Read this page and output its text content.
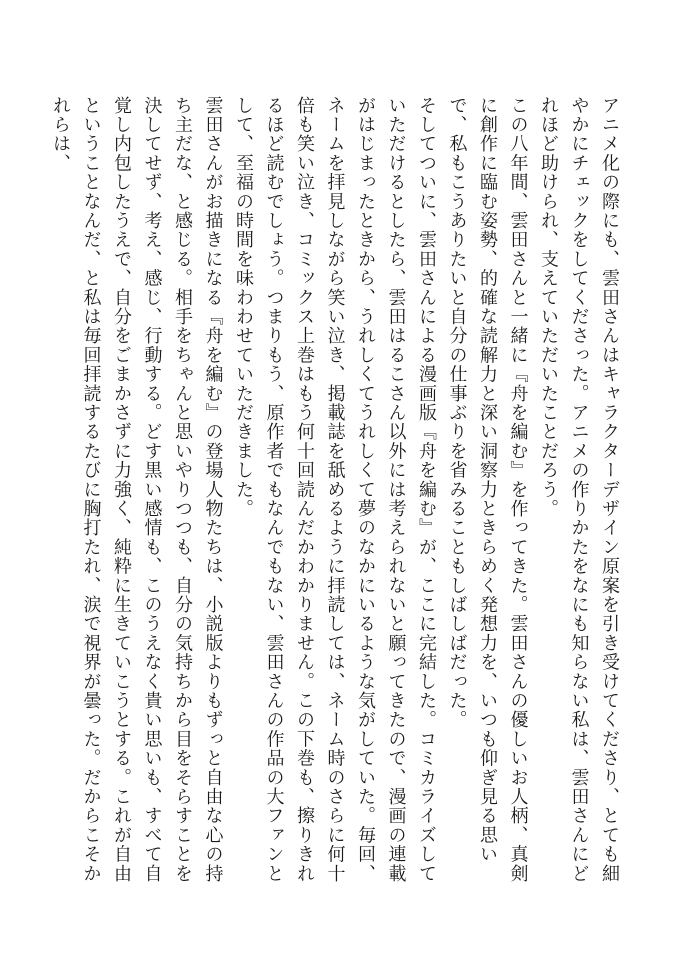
アニメ化の際にも、雲田さんはキャラクターデザイン原案を引き受けてくださり、とても細やかにチェックをしてくださった。アニメの作りかたをなにも知らない私は、雲田さんにどれほど助けられ、支えていただいたことだろう。

この八年間、雲田さんと一緒に『舟を編む』を作ってきた。雲田さんの優しいお人柄、真剣に創作に臨む姿勢、的確な読解力と深い洞察力ときらめく発想力を、いつも仰ぎ見る思いで、私もこうありたいと自分の仕事ぶりを省みることもしばしばだった。

そしてついに、雲田さんによる漫画版『舟を編む』が、ここに完結した。コミカライズしていただけるとしたら、雲田はるこさん以外には考えられないと願ってきたので、漫画の連載がはじまったときから、うれしくてうれしくて夢のなかにいるような気がしていた。毎回、ネームを拝見しながら笑い泣き、掲載誌を舐めるように拝読しては、ネーム時のさらに何十倍も笑い泣き、コミックス上巻はもう何十回読んだかわかりません。この下巻も、擦りきれるほど読むでしょう。つまりもう、原作者でもなんでもない、雲田さんの作品の大ファンとして、至福の時間を味わわせていただきました。

雲田さんがお描きになる『舟を編む』の登場人物たちは、小説版よりもずっと自由な心の持ち主だな、と感じる。相手をちゃんと思いやりつつも、自分の気持ちから目をそらすことを決してせず、考え、感じ、行動する。どす黒い感情も、このうえなく貴い思いも、すべて自覚し内包したうえで、自分をごまかさずに力強く、純粋に生きていこうとする。これが自由ということなんだ、と私は毎回拝読するたびに胸打たれ、涙で視界が曇った。だからこそかれらは、
